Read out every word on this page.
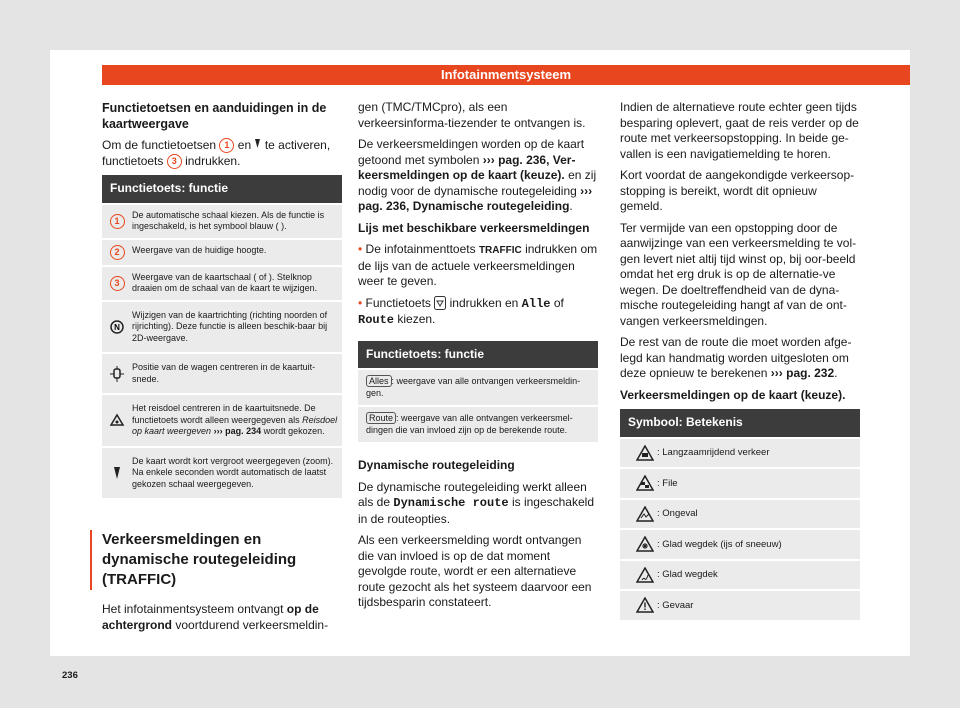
Infotainmentsysteem
Functietoetsen en aanduidingen in de kaartweergave

Om de functietoetsen 1 en te activeren, functietoets 3 indrukken.

Functietoets: functie
1
De automatische schaal kiezen. Als de functie is ingeschakeld, is het symbool blauw ( ).
2	Weergave van de huidige hoogte.
3
Weergave van de kaartschaal ( of ). Stelknop draaien om de schaal van de kaart te wijzigen.
N
Wijzigen van de kaartrichting (richting noorden of rijrichting). Deze functie is alleen beschik-baar bij 2D-weergave.
Positie van de wagen centreren in de kaartuit-snede.
Het reisdoel centreren in de kaartuitsnede. De functietoets wordt alleen weergegeven als Reisdoel op kaart weergeven ››› pag. 234 wordt gekozen.
De kaart wordt kort vergroot weergegeven (zoom). Na enkele seconden wordt automatisch de laatst gekozen schaal weergegeven.
Verkeersmeldingen en dynamische routegeleiding (TRAFFIC)

Het infotainmentsysteem ontvangt op de achtergrond voortdurend verkeersmeldin-

gen (TMC/TMCpro), als een verkeersinforma-tiezender te ontvangen is.

De verkeersmeldingen worden op de kaart getoond met symbolen ››› pag. 236, Ver-keersmeldingen op de kaart (keuze). en zij nodig voor de dynamische routegeleiding ››› pag. 236, Dynamische routegeleiding.

Lijs met beschikbare verkeersmeldingen

• De infotainmenttoets TRAFFIC indrukken om de lijs van de actuele verkeersmeldingen weer te geven.

• Functietoets indrukken en Alle of Route kiezen.

Functietoets: functie
Alles : weergave van alle ontvangen verkeersmeldin-gen.
Route : weergave van alle ontvangen verkeersmel-dingen die van invloed zijn op de berekende route.

Dynamische routegeleiding

De dynamische routegeleiding werkt alleen als de Dynamische route is ingeschakeld in de routeopties.

Als een verkeersmelding wordt ontvangen die van invloed is op de dat moment gevolgde route, wordt er een alternatieve route gezocht als het systeem daarvoor een tijdsbesparin constateert.

Indien de alternatieve route echter geen tijds besparing oplevert, gaat de reis verder op de route met verkeersopstopping. In beide ge-vallen is een navigatiemelding te horen.

Kort voordat de aangekondigde verkeersop-stopping is bereikt, wordt dit opnieuw gemeld.

Ter vermijde van een opstopping door de aanwijzinge van een verkeersmelding te vol-gen levert niet altij tijd winst op, bij oor-beeld omdat het erg druk is op de alternatie-ve wegen. De doeltreffendheid van de dyna-mische routegeleiding hangt af van de ont-vangen verkeersmeldingen.

De rest van de route die moet worden afge-legd kan handmatig worden uitgesloten om deze opnieuw te berekenen ››› pag. 232.

Verkeersmeldingen op de kaart (keuze).

Symbool: Betekenis
: Langzaamrijdend verkeer
: File
: Ongeval
: Glad wegdek (ijs of sneeuw)
: Glad wegdek
: Gevaar
236
